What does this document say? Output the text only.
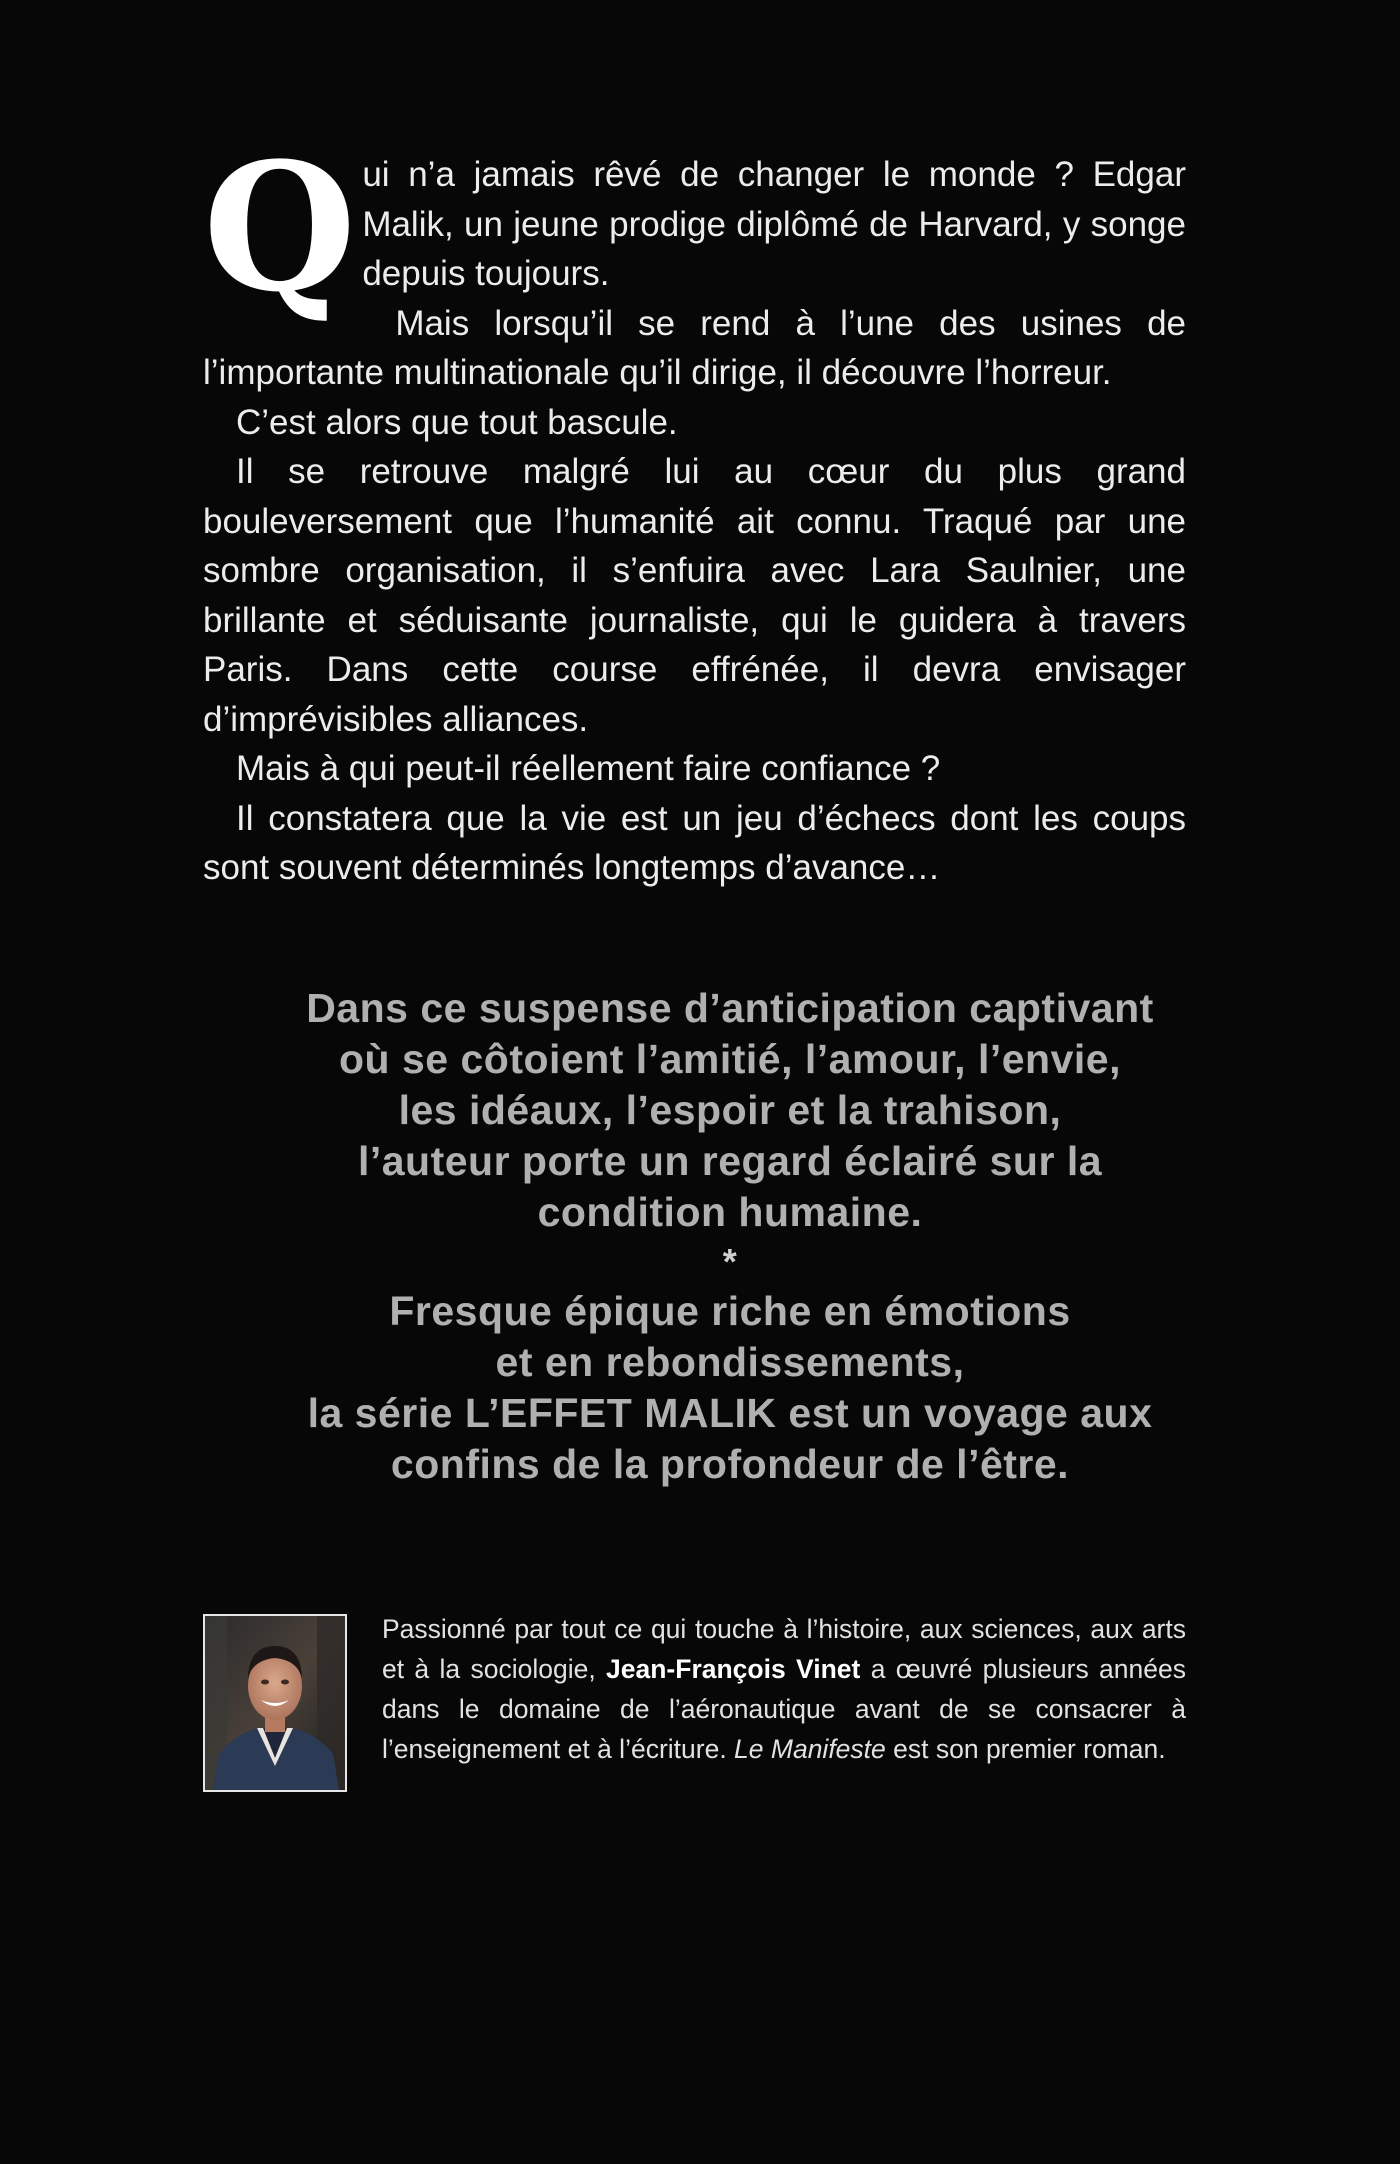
Qui n’a jamais rêvé de changer le monde ? Edgar Malik, un jeune prodige diplômé de Harvard, y songe depuis toujours.

Mais lorsqu’il se rend à l’une des usines de l’importante multinationale qu’il dirige, il découvre l’horreur.

C’est alors que tout bascule.

Il se retrouve malgré lui au cœur du plus grand bouleversement que l’humanité ait connu. Traqué par une sombre organisation, il s’enfuira avec Lara Saulnier, une brillante et séduisante journaliste, qui le guidera à travers Paris. Dans cette course effrénée, il devra envisager d’imprévisibles alliances.

Mais à qui peut-il réellement faire confiance ?

Il constatera que la vie est un jeu d’échecs dont les coups sont souvent déterminés longtemps d’avance…

Dans ce suspense d’anticipation captivant
où se côtoient l’amitié, l’amour, l’envie,
les idéaux, l’espoir et la trahison,
l’auteur porte un regard éclairé sur la
condition humaine.
*
Fresque épique riche en émotions
et en rebondissements,
la série L’EFFET MALIK est un voyage aux
confins de la profondeur de l’être.

Passionné par tout ce qui touche à l’histoire, aux sciences, aux arts et à la sociologie, Jean-François Vinet a œuvré plusieurs années dans le domaine de l’aéronautique avant de se consacrer à l’enseignement et à l’écriture. Le Manifeste est son premier roman.
